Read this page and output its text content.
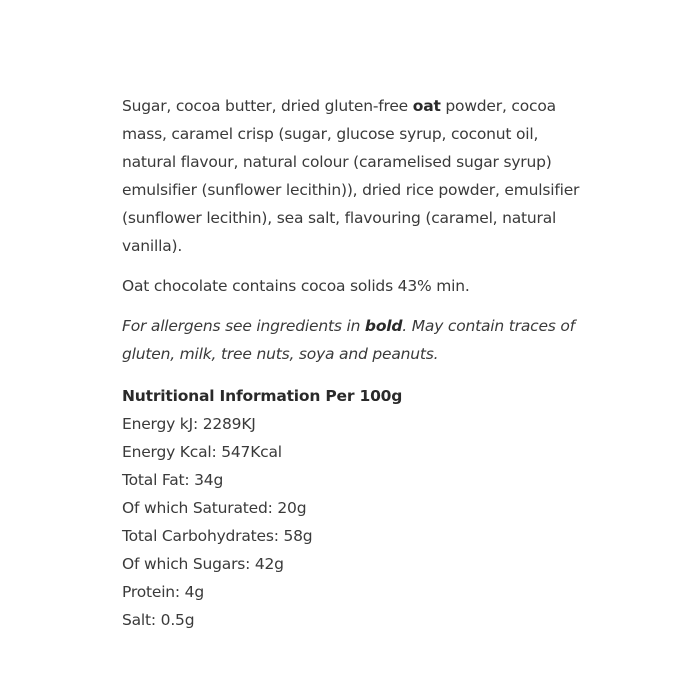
Sugar, cocoa butter, dried gluten-free oat powder, cocoa mass, caramel crisp (sugar, glucose syrup, coconut oil, natural flavour, natural colour (caramelised sugar syrup) emulsifier (sunflower lecithin)), dried rice powder, emulsifier (sunflower lecithin), sea salt, flavouring (caramel, natural vanilla).

Oat chocolate contains cocoa solids 43% min.

For allergens see ingredients in bold. May contain traces of gluten, milk, tree nuts, soya and peanuts.

Nutritional Information Per 100g
Energy kJ: 2289KJ
Energy Kcal: 547Kcal
Total Fat: 34g
Of which Saturated: 20g
Total Carbohydrates: 58g
Of which Sugars: 42g
Protein: 4g
Salt: 0.5g
